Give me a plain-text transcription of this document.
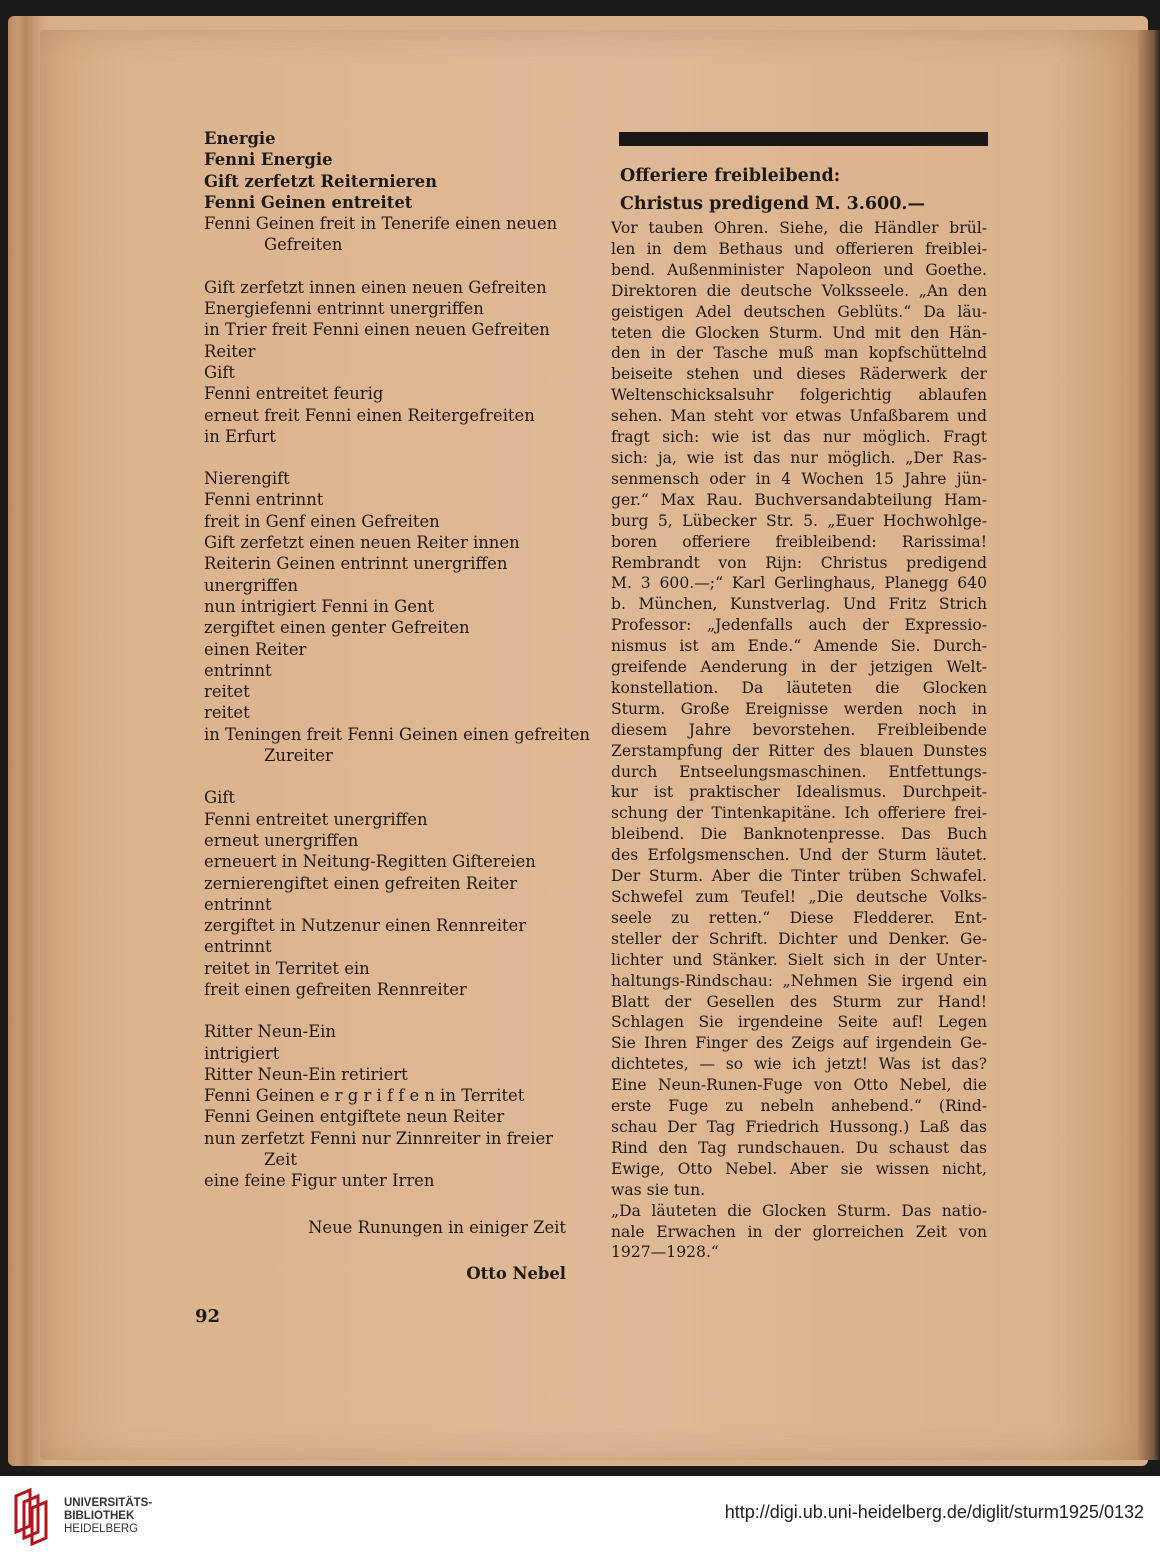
Energie
Fenni Energie
Gift zerfetzt Reiternieren
Fenni Geinen entreitet
Fenni Geinen freit in Tenerife einen neuen
Gefreiten
Gift zerfetzt innen einen neuen Gefreiten
Energiefenni entrinnt unergriffen
in Trier freit Fenni einen neuen Gefreiten
Reiter
Gift
Fenni entreitet feurig
erneut freit Fenni einen Reitergefreiten
in Erfurt
Nierengift
Fenni entrinnt
freit in Genf einen Gefreiten
Gift zerfetzt einen neuen Reiter innen
Reiterin Geinen entrinnt unergriffen
unergriffen
nun intrigiert Fenni in Gent
zergiftet einen genter Gefreiten
einen Reiter
entrinnt
reitet
reitet
in Teningen freit Fenni Geinen einen gefreiten
Zureiter
Gift
Fenni entreitet unergriffen
erneut unergriffen
erneuert in Neitung-Regitten Giftereien
zernierengiftet einen gefreiten Reiter
entrinnt
zergiftet in Nutzenur einen Rennreiter
entrinnt
reitet in Territet ein
freit einen gefreiten Rennreiter
Ritter Neun-Ein
intrigiert
Ritter Neun-Ein retiriert
Fenni Geinen e r g r i f f e n in Territet
Fenni Geinen entgiftete neun Reiter
nun zerfetzt Fenni nur Zinnreiter in freier
Zeit
eine feine Figur unter Irren
Neue Runungen in einiger Zeit
Otto Nebel
92
Offeriere freibleibend:
Christus predigend M. 3.600.—
Vor tauben Ohren. Siehe, die Händler brül-
len in dem Bethaus und offerieren freiblei-
bend. Außenminister Napoleon und Goethe.
Direktoren die deutsche Volksseele. „An den
geistigen Adel deutschen Geblüts.“ Da läu-
teten die Glocken Sturm. Und mit den Hän-
den in der Tasche muß man kopfschüttelnd
beiseite stehen und dieses Räderwerk der
Weltenschicksalsuhr folgerichtig ablaufen
sehen. Man steht vor etwas Unfaßbarem und
fragt sich: wie ist das nur möglich. Fragt
sich: ja, wie ist das nur möglich. „Der Ras-
senmensch oder in 4 Wochen 15 Jahre jün-
ger.“ Max Rau. Buchversandabteilung Ham-
burg 5, Lübecker Str. 5. „Euer Hochwohlge-
boren offeriere freibleibend: Rarissima!
Rembrandt von Rijn: Christus predigend
M. 3 600.—;“ Karl Gerlinghaus, Planegg 640
b. München, Kunstverlag. Und Fritz Strich
Professor: „Jedenfalls auch der Expressio-
nismus ist am Ende.“ Amende Sie. Durch-
greifende Aenderung in der jetzigen Welt-
konstellation. Da läuteten die Glocken
Sturm. Große Ereignisse werden noch in
diesem Jahre bevorstehen. Freibleibende
Zerstampfung der Ritter des blauen Dunstes
durch Entseelungsmaschinen. Entfettungs-
kur ist praktischer Idealismus. Durchpeit-
schung der Tintenkapitäne. Ich offeriere frei-
bleibend. Die Banknotenpresse. Das Buch
des Erfolgsmenschen. Und der Sturm läutet.
Der Sturm. Aber die Tinter trüben Schwafel.
Schwefel zum Teufel! „Die deutsche Volks-
seele zu retten.“ Diese Fledderer. Ent-
steller der Schrift. Dichter und Denker. Ge-
lichter und Stänker. Sielt sich in der Unter-
haltungs-Rindschau: „Nehmen Sie irgend ein
Blatt der Gesellen des Sturm zur Hand!
Schlagen Sie irgendeine Seite auf! Legen
Sie Ihren Finger des Zeigs auf irgendein Ge-
dichtetes, — so wie ich jetzt! Was ist das?
Eine Neun-Runen-Fuge von Otto Nebel, die
erste Fuge zu nebeln anhebend.“ (Rind-
schau Der Tag Friedrich Hussong.) Laß das
Rind den Tag rundschauen. Du schaust das
Ewige, Otto Nebel. Aber sie wissen nicht,
was sie tun.
„Da läuteten die Glocken Sturm. Das natio-
nale Erwachen in der glorreichen Zeit von
1927—1928.“
UNIVERSITÄTS-
BIBLIOTHEK
HEIDELBERG
http://digi.ub.uni-heidelberg.de/diglit/sturm1925/0132
